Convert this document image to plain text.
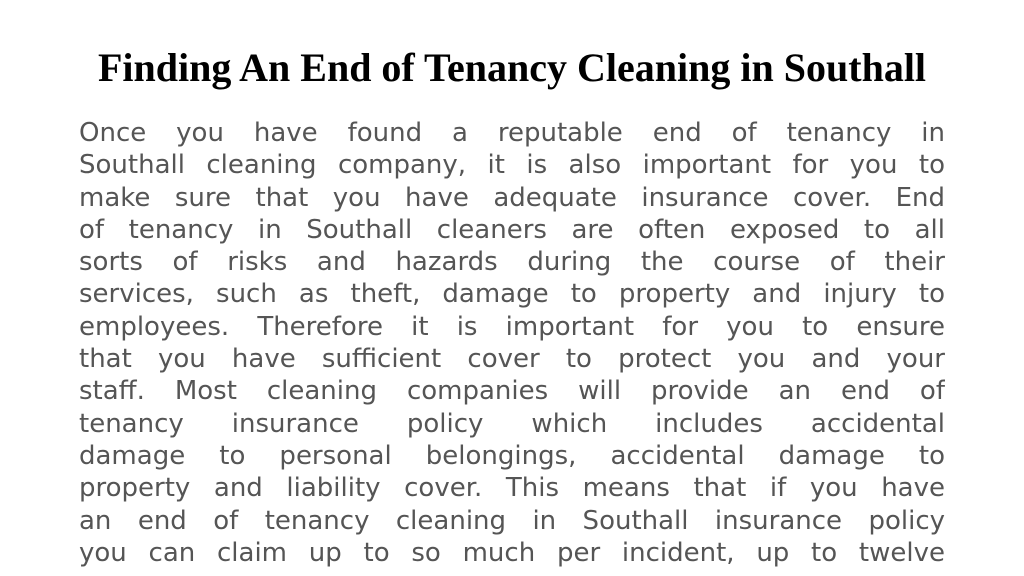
Finding An End of Tenancy Cleaning in Southall
Once you have found a reputable end of tenancy in
Southall cleaning company, it is also important for you to
make sure that you have adequate insurance cover. End
of tenancy in Southall cleaners are often exposed to all
sorts of risks and hazards during the course of their
services, such as theft, damage to property and injury to
employees. Therefore it is important for you to ensure
that you have sufficient cover to protect you and your
staff. Most cleaning companies will provide an end of
tenancy insurance policy which includes accidental
damage to personal belongings, accidental damage to
property and liability cover. This means that if you have
an end of tenancy cleaning in Southall insurance policy
you can claim up to so much per incident, up to twelve
